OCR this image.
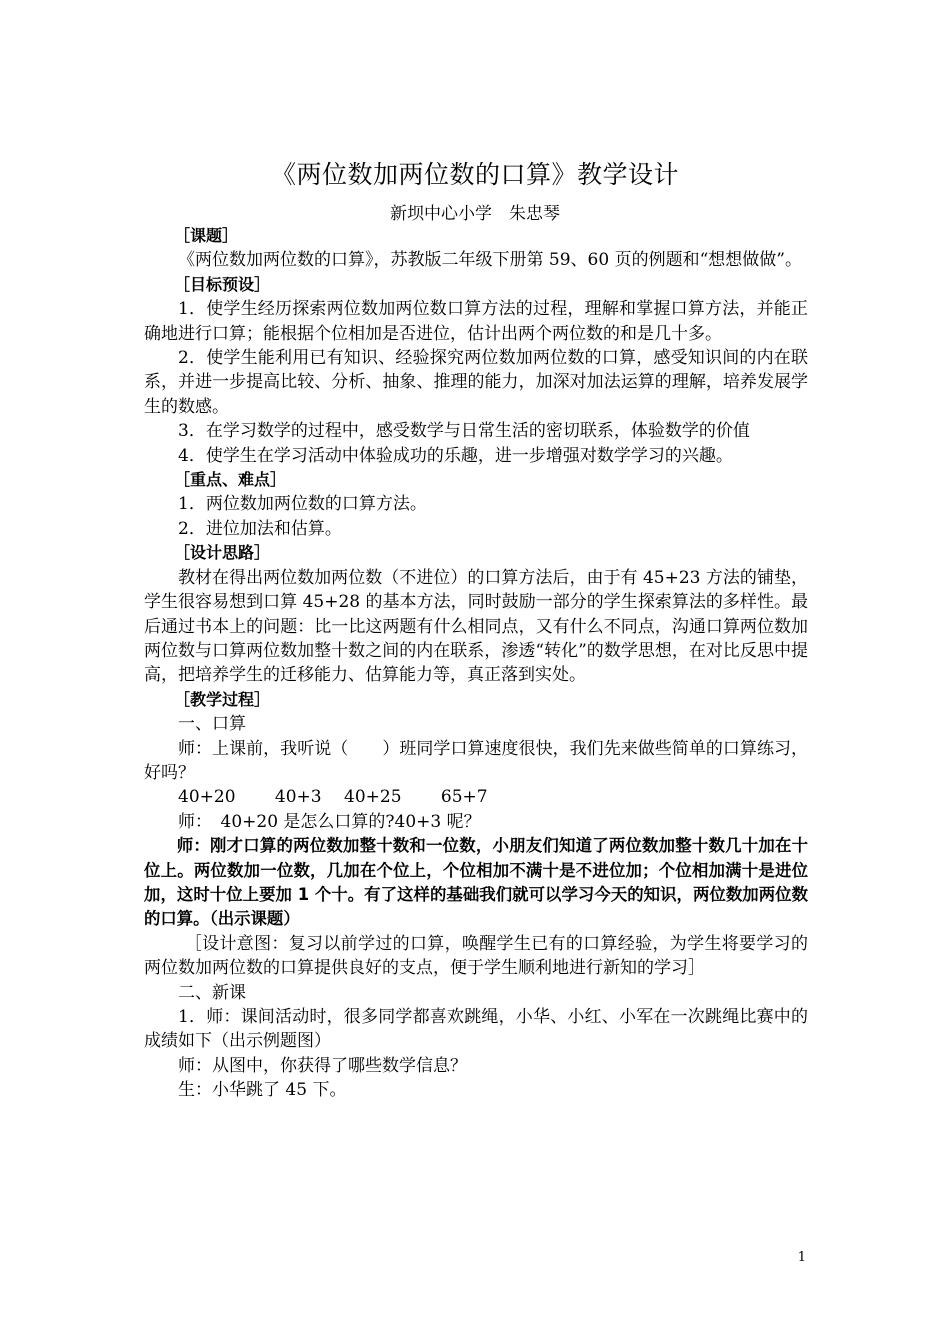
《两位数加两位数的口算》教学设计
新坝中心小学　朱忠琴

［课题］

《两位数加两位数的口算》，苏教版二年级下册第 59、60 页的例题和“想想做做”。

［目标预设］

1．使学生经历探索两位数加两位数口算方法的过程，理解和掌握口算方法，并能正确地进行口算；能根据个位相加是否进位，估计出两个两位数的和是几十多。

2．使学生能利用已有知识、经验探究两位数加两位数的口算，感受知识间的内在联系，并进一步提高比较、分析、抽象、推理的能力，加深对加法运算的理解，培养发展学生的数感。

3．在学习数学的过程中，感受数学与日常生活的密切联系，体验数学的价值

4．使学生在学习活动中体验成功的乐趣，进一步增强对数学学习的兴趣。

［重点、难点］

1．两位数加两位数的口算方法。

2．进位加法和估算。

［设计思路］

教材在得出两位数加两位数（不进位）的口算方法后，由于有 45+23 方法的铺垫，学生很容易想到口算 45+28 的基本方法，同时鼓励一部分的学生探索算法的多样性。最后通过书本上的问题：比一比这两题有什么相同点，又有什么不同点，沟通口算两位数加两位数与口算两位数加整十数之间的内在联系，渗透“转化”的数学思想，在对比反思中提高，把培养学生的迁移能力、估算能力等，真正落到实处。

［教学过程］

一、口算

师：上课前，我听说（　　）班同学口算速度很快，我们先来做些简单的口算练习，好吗？

40+20　　 40+3 　40+25 　　65+7

师：　40+20 是怎么口算的?40+3 呢？

师：刚才口算的两位数加整十数和一位数，小朋友们知道了两位数加整十数几十加在十位上。两位数加一位数，几加在个位上，个位相加不满十是不进位加；个位相加满十是进位加，这时十位上要加 1 个十。有了这样的基础我们就可以学习今天的知识，两位数加两位数的口算。（出示课题）

［设计意图：复习以前学过的口算，唤醒学生已有的口算经验，为学生将要学习的两位数加两位数的口算提供良好的支点，便于学生顺利地进行新知的学习］

二、新课

1．师：课间活动时，很多同学都喜欢跳绳，小华、小红、小军在一次跳绳比赛中的成绩如下（出示例题图）

师：从图中，你获得了哪些数学信息？

生：小华跳了 45 下。

1
